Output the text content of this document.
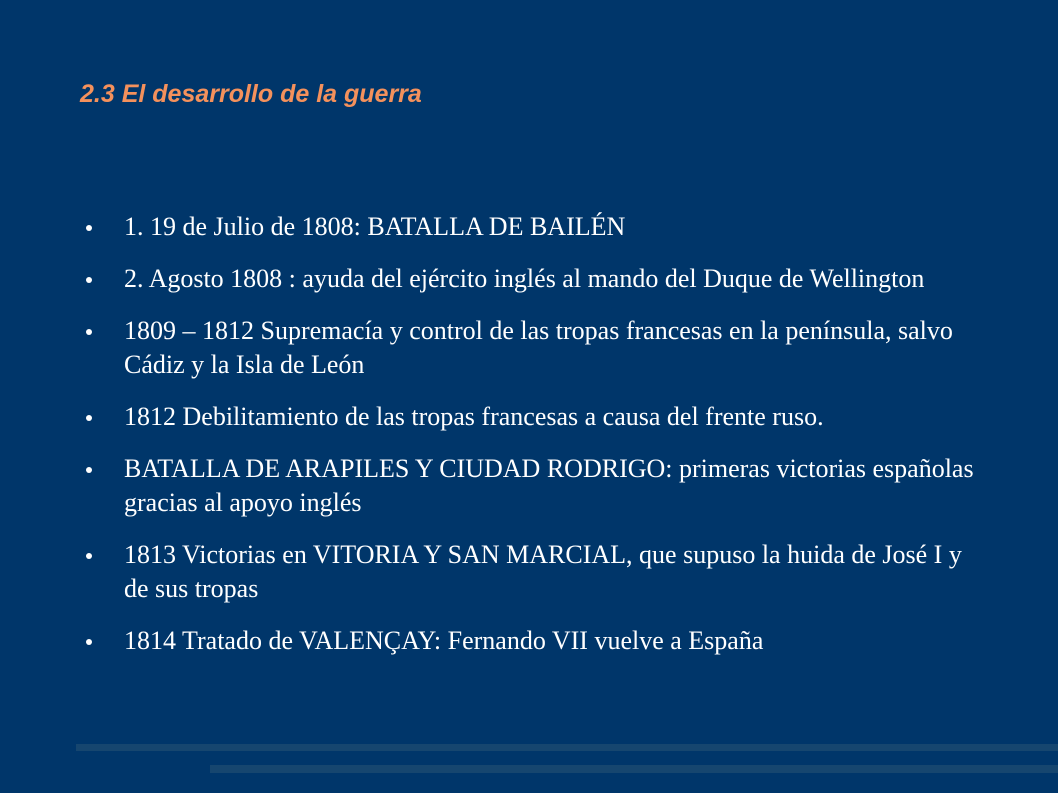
2.3 El desarrollo de la guerra
1. 19 de Julio de 1808: BATALLA DE BAILÉN
2. Agosto 1808 : ayuda del ejército inglés al mando del Duque de Wellington
1809 – 1812 Supremacía y control de las tropas francesas en la península, salvo Cádiz y la Isla de León
1812 Debilitamiento de las tropas francesas a causa del frente ruso.
BATALLA DE ARAPILES Y CIUDAD RODRIGO: primeras victorias españolas gracias al apoyo inglés
1813 Victorias en VITORIA Y SAN MARCIAL, que supuso la huida de José I y de sus tropas
1814 Tratado de VALENÇAY: Fernando VII vuelve a España
